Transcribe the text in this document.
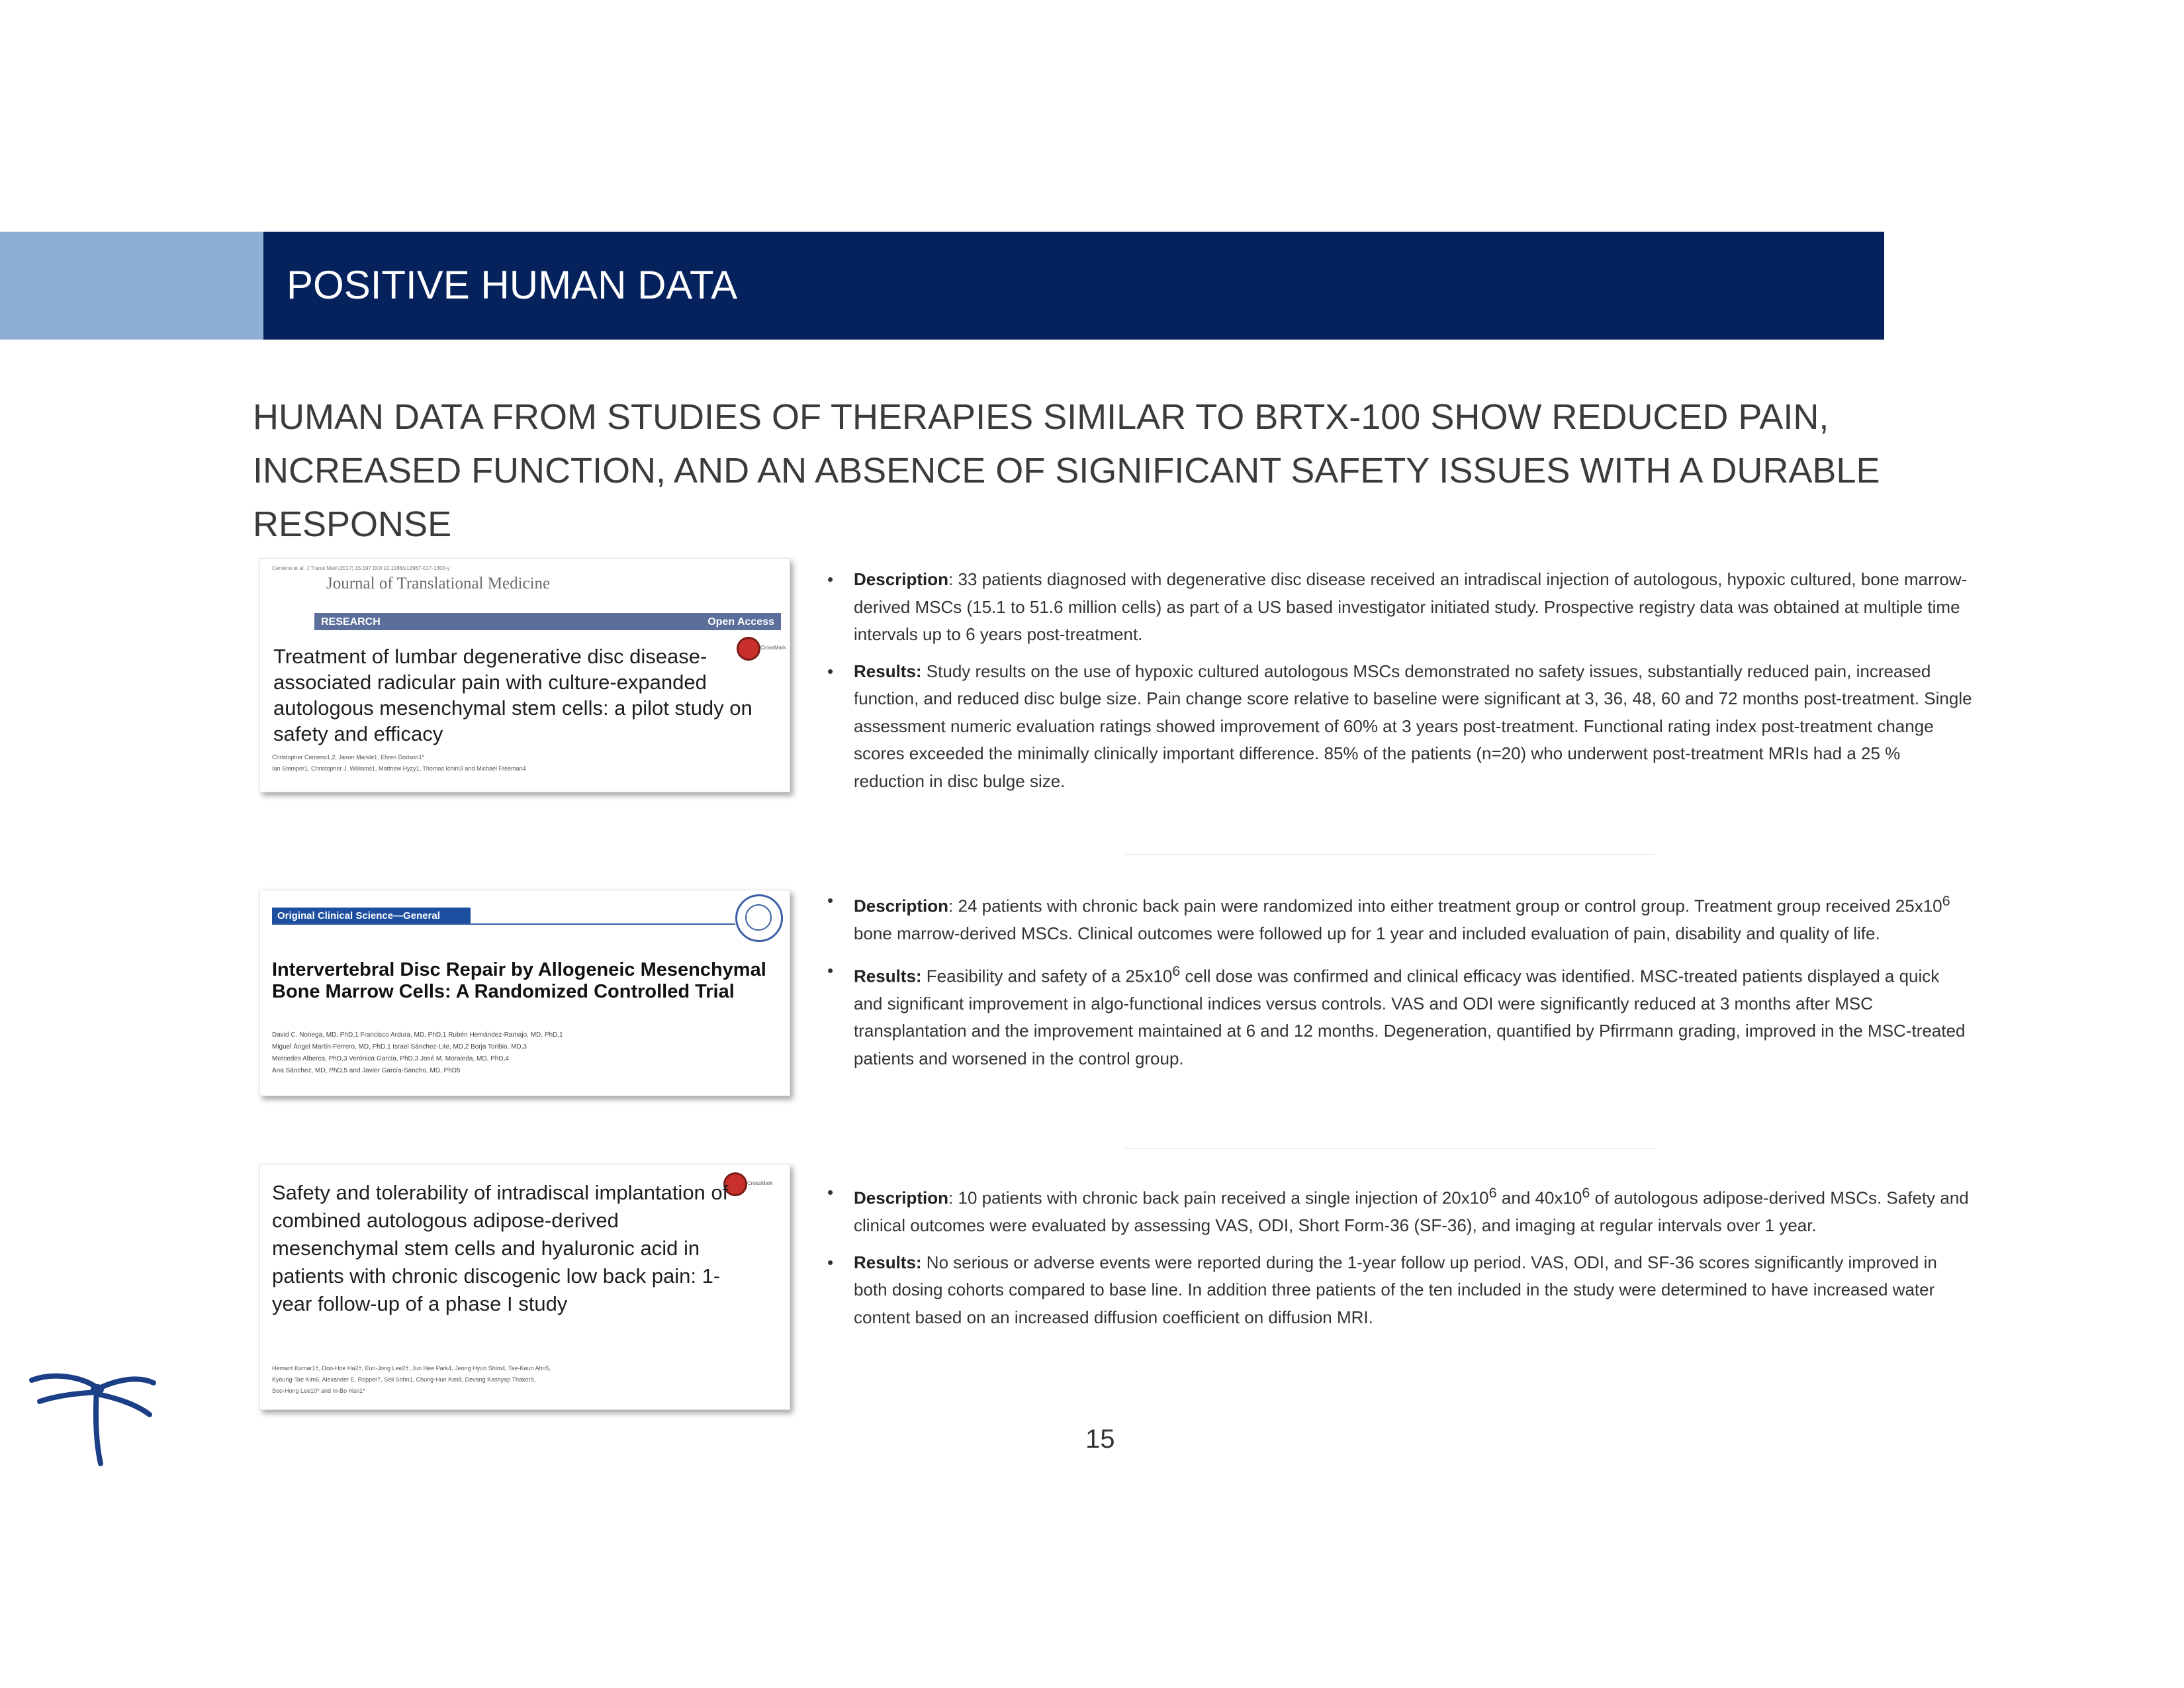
POSITIVE HUMAN DATA
HUMAN DATA FROM STUDIES OF THERAPIES SIMILAR TO BRTX-100 SHOW REDUCED PAIN, INCREASED FUNCTION, AND AN ABSENCE OF SIGNIFICANT SAFETY ISSUES WITH A DURABLE RESPONSE
Centeno et al. J Transl Med (2017) 15:197 DOI 10.1186/s12967-017-1300-y
Journal of Translational Medicine
RESEARCH	Open Access
CrossMark
Treatment of lumbar degenerative disc disease-associated radicular pain with culture-expanded autologous mesenchymal stem cells: a pilot study on safety and efficacy
Christopher Centeno1,2, Jason Markle1, Ehren Dodson1*
Ian Stemper1, Christopher J. Williams1, Matthew Hyzy1, Thomas Ichim3 and Michael Freeman4
Original Clinical Science—General
Intervertebral Disc Repair by Allogeneic Mesenchymal Bone Marrow Cells: A Randomized Controlled Trial
David C. Noriega, MD, PhD,1 Francisco Ardura, MD, PhD,1 Rubén Hernández-Ramajo, MD, PhD,1
Miguel Ángel Martín-Ferrero, MD, PhD,1 Israel Sánchez-Lite, MD,2 Borja Toribio, MD,3
Mercedes Alberca, PhD,3 Verónica García, PhD,3 José M. Moraleda, MD, PhD,4
Ana Sánchez, MD, PhD,5 and Javier García-Sancho, MD, PhD5
CrossMark
Safety and tolerability of intradiscal implantation of combined autologous adipose-derived mesenchymal stem cells and hyaluronic acid in patients with chronic discogenic low back pain: 1-year follow-up of a phase I study
Hemant Kumar1†, Doo-Hoe Ha2†, Eun-Jong Lee2†, Jun Hee Park4, Jeong Hyun Shim4, Tae-Keun Ahn5,
Kyoung-Tae Kim6, Alexander E. Ropper7, Seil Sohn1, Chung-Hun Kim8, Devang Kashyap Thakor9,
Soo-Hong Lee10* and In-Bo Han1*
• Description: 33 patients diagnosed with degenerative disc disease received an intradiscal injection of autologous, hypoxic cultured, bone marrow-derived MSCs (15.1 to 51.6 million cells) as part of a US based investigator initiated study. Prospective registry data was obtained at multiple time intervals up to 6 years post-treatment.
• Results: Study results on the use of hypoxic cultured autologous MSCs demonstrated no safety issues, substantially reduced pain, increased function, and reduced disc bulge size. Pain change score relative to baseline were significant at 3, 36, 48, 60 and 72 months post-treatment. Single assessment numeric evaluation ratings showed improvement of 60% at 3 years post-treatment. Functional rating index post-treatment change scores exceeded the minimally clinically important difference. 85% of the patients (n=20) who underwent post-treatment MRIs had a 25 % reduction in disc bulge size.
• Description: 24 patients with chronic back pain were randomized into either treatment group or control group. Treatment group received $25x10^6$ bone marrow-derived MSCs. Clinical outcomes were followed up for 1 year and included evaluation of pain, disability and quality of life.
• Results: Feasibility and safety of a $25x10^6$ cell dose was confirmed and clinical efficacy was identified. MSC-treated patients displayed a quick and significant improvement in algo-functional indices versus controls. VAS and ODI were significantly reduced at 3 months after MSC transplantation and the improvement maintained at 6 and 12 months. Degeneration, quantified by Pfirrmann grading, improved in the MSC-treated patients and worsened in the control group.
• Description: 10 patients with chronic back pain received a single injection of $20x10^6$ and $40x10^6$ of autologous adipose-derived MSCs. Safety and clinical outcomes were evaluated by assessing VAS, ODI, Short Form-36 (SF-36), and imaging at regular intervals over 1 year.
• Results: No serious or adverse events were reported during the 1-year follow up period. VAS, ODI, and SF-36 scores significantly improved in both dosing cohorts compared to base line. In addition three patients of the ten included in the study were determined to have increased water content based on an increased diffusion coefficient on diffusion MRI.
15
